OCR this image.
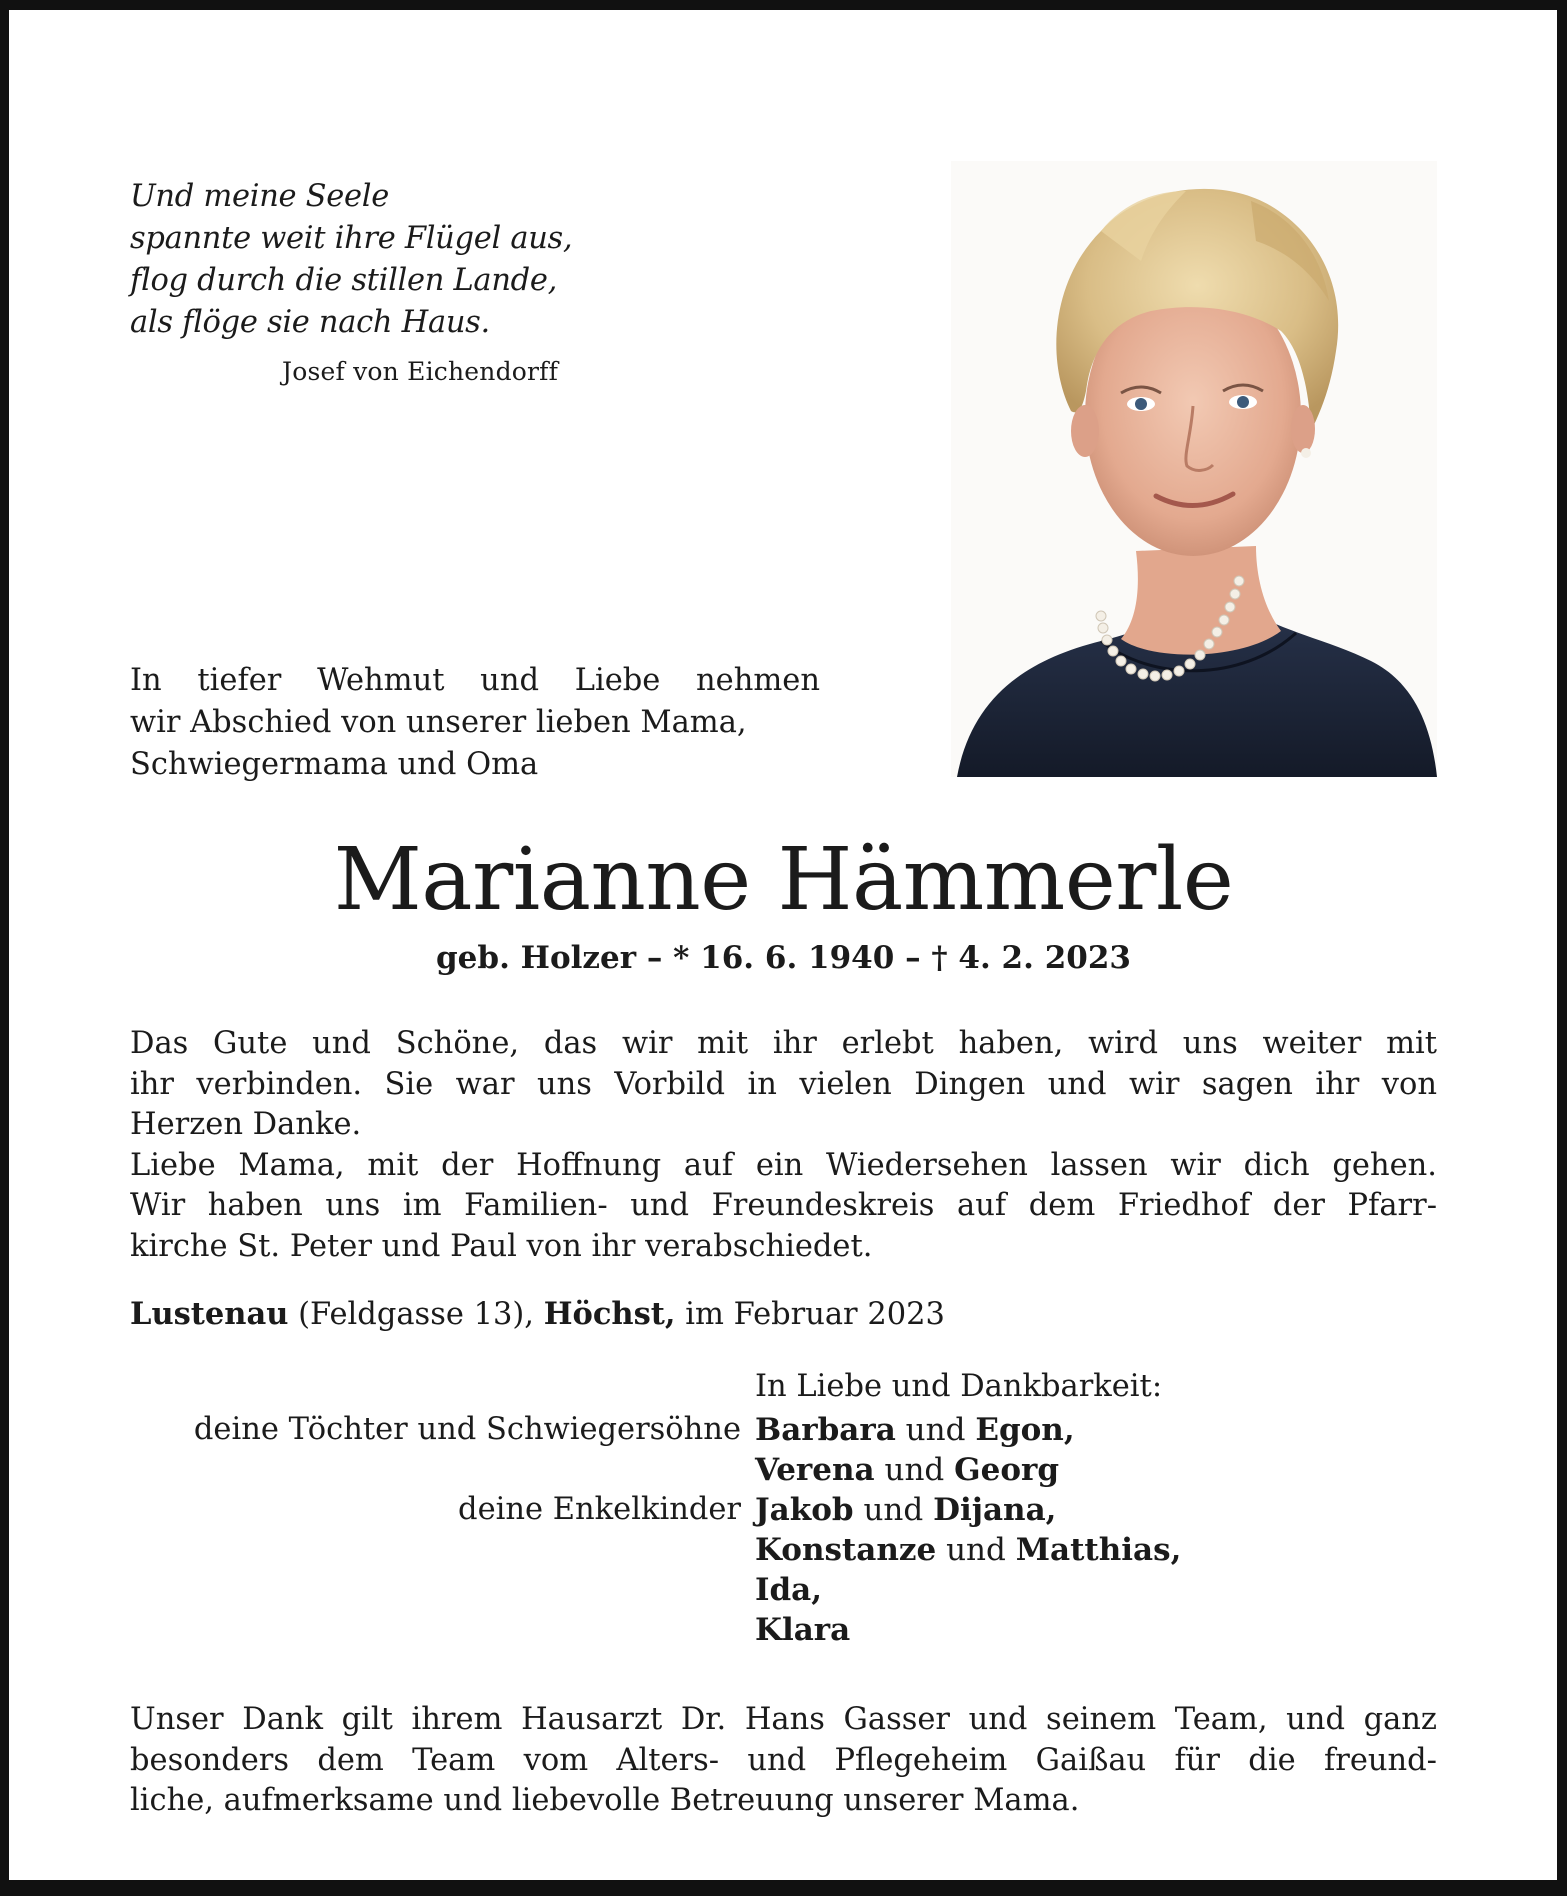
Und meine Seele
spannte weit ihre Flügel aus,
flog durch die stillen Lande,
als flöge sie nach Haus.
Josef von Eichendorff
In tiefer Wehmut und Liebe nehmen
wir Abschied von unserer lieben Mama,
Schwiegermama und Oma
Marianne Hämmerle
geb. Holzer – * 16. 6. 1940 – † 4. 2. 2023
Das Gute und Schöne, das wir mit ihr erlebt haben, wird uns weiter mit
ihr verbinden. Sie war uns Vorbild in vielen Dingen und wir sagen ihr von
Herzen Danke.
Liebe Mama, mit der Hoffnung auf ein Wiedersehen lassen wir dich gehen.
Wir haben uns im Familien- und Freundeskreis auf dem Friedhof der Pfarr-
kirche St. Peter und Paul von ihr verabschiedet.
Lustenau (Feldgasse 13), Höchst, im Februar 2023
In Liebe und Dankbarkeit:
deine Töchter und Schwiegersöhne Barbara und Egon,
Verena und Georg
deine Enkelkinder Jakob und Dijana,
Konstanze und Matthias,
Ida,
Klara
Unser Dank gilt ihrem Hausarzt Dr. Hans Gasser und seinem Team, und ganz
besonders dem Team vom Alters- und Pflegeheim Gaißau für die freund-
liche, aufmerksame und liebevolle Betreuung unserer Mama.
